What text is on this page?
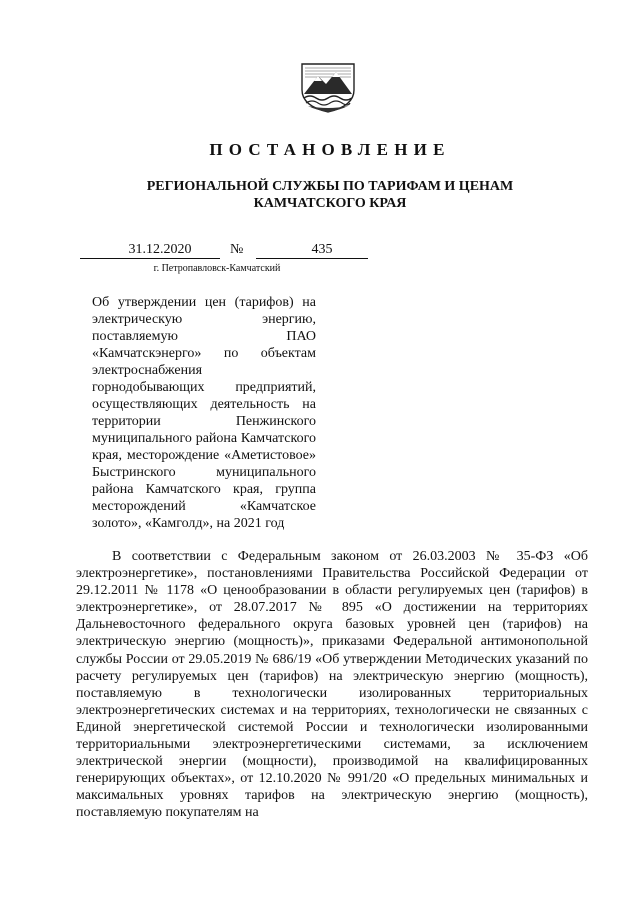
ПОСТАНОВЛЕНИЕ
РЕГИОНАЛЬНОЙ СЛУЖБЫ ПО ТАРИФАМ И ЦЕНАМ
КАМЧАТСКОГО КРАЯ
31.12.2020	№	435
г. Петропавловск-Камчатский

Об утверждении цен (тарифов) на электрическую энергию, поставляемую ПАО «Камчатскэнерго» по объектам электроснабжения горнодобывающих предприятий, осуществляющих деятельность на территории Пенжинского муниципального района Камчатского края, месторождение «Аметистовое» Быстринского муниципального района Камчатского края, группа месторождений «Камчатское золото», «Камголд», на 2021 год

В соответствии с Федеральным законом от 26.03.2003 № 35-ФЗ «Об электроэнергетике», постановлениями Правительства Российской Федерации от 29.12.2011 № 1178 «О ценообразовании в области регулируемых цен (тарифов) в электроэнергетике», от 28.07.2017 № 895 «О достижении на территориях Дальневосточного федерального округа базовых уровней цен (тарифов) на электрическую энергию (мощность)», приказами Федеральной антимонопольной службы России от 29.05.2019 № 686/19 «Об утверждении Методических указаний по расчету регулируемых цен (тарифов) на электрическую энергию (мощность), поставляемую в технологически изолированных территориальных электроэнергетических системах и на территориях, технологически не связанных с Единой энергетической системой России и технологически изолированными территориальными электроэнергетическими системами, за исключением электрической энергии (мощности), производимой на квалифицированных генерирующих объектах», от 12.10.2020 № 991/20 «О предельных минимальных и максимальных уровнях тарифов на электрическую энергию (мощность), поставляемую покупателям на
